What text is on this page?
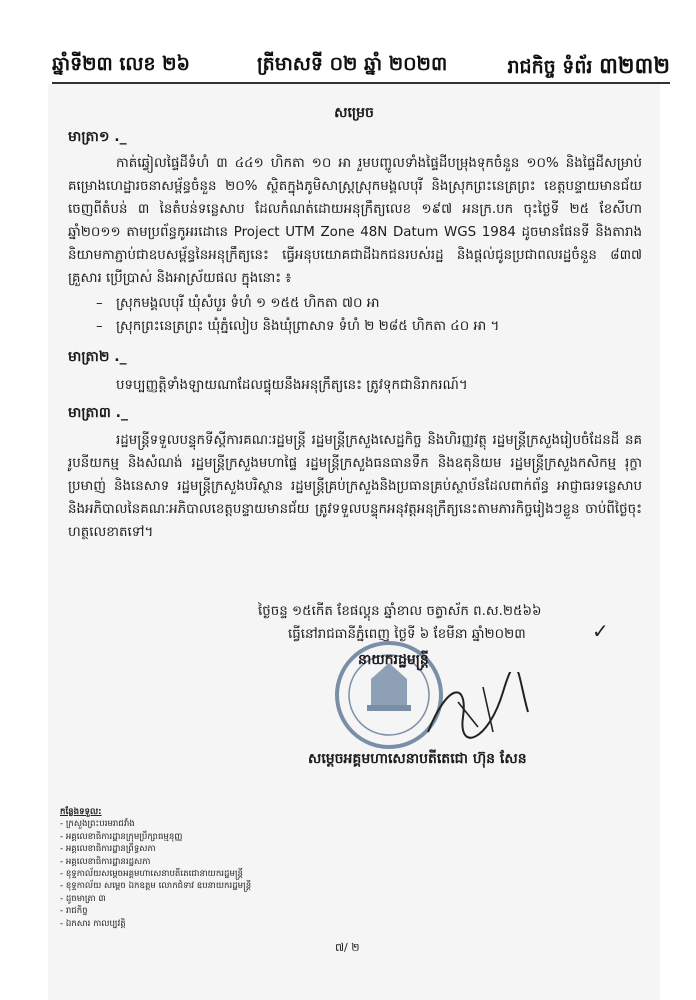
ឆ្នាំទី២៣ លេខ ២៦	ត្រីមាសទី ០២ ឆ្នាំ ២០២៣	រាជកិច្ច ទំព័រ ៣២៣២
សម្រេច
មាត្រា១ ._
កាត់ឆ្វៀលផ្ទៃដីទំហំ ៣ ៤៤១ ហិកតា ១០ អា រួមបញ្ចូលទាំងផ្ទៃដីបម្រុងទុកចំនួន ១០% និងផ្ទៃដីសម្រាប់គម្រោងហេដ្ឋារចនាសម្ព័ន្ធចំនួន ២០% ស្ថិតក្នុងភូមិសាស្ត្រស្រុកមង្គលបុរី និងស្រុកព្រះនេត្រព្រះ ខេត្តបន្ទាយមានជ័យ ចេញពីតំបន់ ៣ នៃតំបន់ទន្លេសាប ដែលកំណត់ដោយអនុក្រឹត្យលេខ ១៩៧ អនក្រ.បក ចុះថ្ងៃទី ២៥ ខែសីហា ឆ្នាំ២០១១ តាមប្រព័ន្ធកូអរដោនេ Project UTM Zone 48N Datum WGS 1984 ដូចមានផែនទី និងតារាងនិយាមកាភ្ជាប់ជាឧបសម្ព័ន្ធនៃអនុក្រឹត្យនេះ ធ្វើអនុបយោគជាដីឯកជនរបស់រដ្ឋ និងផ្តល់ជូនប្រជាពលរដ្ឋចំនួន ៨៣៧ គ្រួសារ ប្រើប្រាស់ និងអាស្រ័យផល ក្នុងនោះ ៖
– ស្រុកមង្គលបុរី ឃុំសំបួរ ទំហំ ១ ១៥៥ ហិកតា ៧០ អា
– ស្រុកព្រះនេត្រព្រះ ឃុំភ្នំលៀប និងឃុំព្រាសាទ ទំហំ ២ ២៨៥ ហិកតា ៤០ អា ។
មាត្រា២ ._
បទប្បញ្ញត្តិទាំងឡាយណាដែលផ្ទុយនឹងអនុក្រឹត្យនេះ ត្រូវទុកជានិរាករណ៍។
មាត្រា៣ ._
រដ្ឋមន្ត្រីទទួលបន្ទុកទីស្តីការគណៈរដ្ឋមន្ត្រី រដ្ឋមន្ត្រីក្រសួងសេដ្ឋកិច្ច និងហិរញ្ញវត្ថុ រដ្ឋមន្ត្រីក្រសួងរៀបចំដែនដី នគរូបនីយកម្ម និងសំណង់ រដ្ឋមន្ត្រីក្រសួងមហាផ្ទៃ រដ្ឋមន្ត្រីក្រសួងធនធានទឹក និងឧតុនិយម រដ្ឋមន្ត្រីក្រសួងកសិកម្ម រុក្ខាប្រមាញ់ និងនេសាទ រដ្ឋមន្ត្រីក្រសួងបរិស្ថាន រដ្ឋមន្ត្រីគ្រប់ក្រសួងនិងប្រធានគ្រប់ស្ថាប័នដែលពាក់ព័ន្ធ អាជ្ញាធរទន្លេសាប និងអភិបាលនៃគណៈអភិបាលខេត្តបន្ទាយមានជ័យ ត្រូវទទួលបន្ទុកអនុវត្តអនុក្រឹត្យនេះតាមភារកិច្ចរៀងៗខ្លួន ចាប់ពីថ្ងៃចុះហត្ថលេខាតទៅ។
ថ្ងៃចន្ទ ១៥កើត ខែផល្គុន ឆ្នាំខាល ចត្វាស័ក ព.ស.២៥៦៦
ធ្វើនៅរាជធានីភ្នំពេញ ថ្ងៃទី ៦ ខែមីនា ឆ្នាំ២០២៣	✓
នាយករដ្ឋមន្ត្រី
សម្តេចអគ្គមហាសេនាបតីតេជោ ហ៊ុន សែន
កន្លែងទទួល:
- ក្រសួងព្រះបរមរាជវាំង
- អគ្គលេខាធិការដ្ឋានក្រុមប្រឹក្សាធម្មនុញ្ញ
- អគ្គលេខាធិការដ្ឋានព្រឹទ្ធសភា
- អគ្គលេខាធិការដ្ឋានរដ្ឋសភា
- ខុទ្ទកាល័យសម្តេចអគ្គមហាសេនាបតីតេជោនាយករដ្ឋមន្ត្រី
- ខុទ្ទកាល័យ សម្តេច ឯកឧត្តម លោកជំទាវ ឧបនាយករដ្ឋមន្ត្រី
- ដូចមាត្រា ៣
- រាជកិច្ច
- ឯកសារ កាលប្បវត្តិ
៧/ ២
